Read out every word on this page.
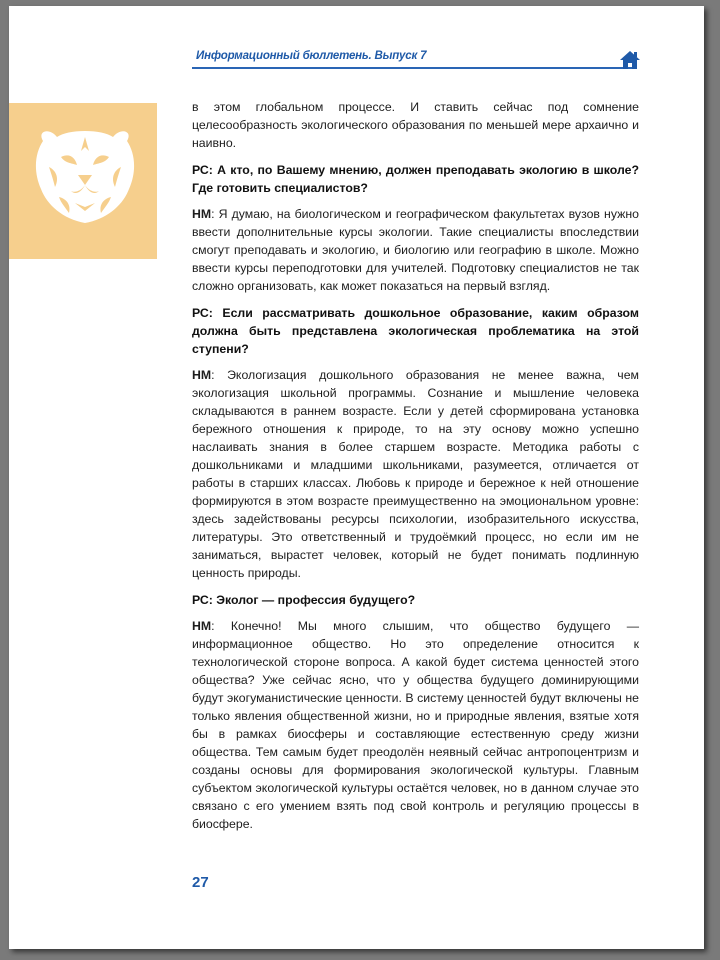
Информационный бюллетень. Выпуск 7

в этом глобальном процессе. И ставить сейчас под сомнение целесообразность экологического образования по меньшей мере архаично и наивно.

РС: А кто, по Вашему мнению, должен преподавать экологию в школе? Где готовить специалистов?

НМ: Я думаю, на биологическом и географическом факультетах вузов нужно ввести дополнительные курсы экологии. Такие специалисты впоследствии смогут преподавать и экологию, и биологию или географию в школе. Можно ввести курсы переподготовки для учителей. Подготовку специалистов не так сложно организовать, как может показаться на первый взгляд.

РС: Если рассматривать дошкольное образование, каким образом должна быть представлена экологическая проблематика на этой ступени?

НМ: Экологизация дошкольного образования не менее важна, чем экологизация школьной программы. Сознание и мышление человека складываются в раннем возрасте. Если у детей сформирована установка бережного отношения к природе, то на эту основу можно успешно наслаивать знания в более старшем возрасте. Методика работы с дошкольниками и младшими школьниками, разумеется, отличается от работы в старших классах. Любовь к природе и бережное к ней отношение формируются в этом возрасте преимущественно на эмоциональном уровне: здесь задействованы ресурсы психологии, изобразительного искусства, литературы. Это ответственный и трудоёмкий процесс, но если им не заниматься, вырастет человек, который не будет понимать подлинную ценность природы.

РС: Эколог — профессия будущего?

НМ: Конечно! Мы много слышим, что общество будущего — информационное общество. Но это определение относится к технологической стороне вопроса. А какой будет система ценностей этого общества? Уже сейчас ясно, что у общества будущего доминирующими будут экогуманистические ценности. В систему ценностей будут включены не только явления общественной жизни, но и природные явления, взятые хотя бы в рамках биосферы и составляющие естественную среду жизни общества. Тем самым будет преодолён неявный сейчас антропоцентризм и созданы основы для формирования экологической культуры. Главным субъектом экологической культуры остаётся человек, но в данном случае это связано с его умением взять под свой контроль и регуляцию процессы в биосфере.

27
